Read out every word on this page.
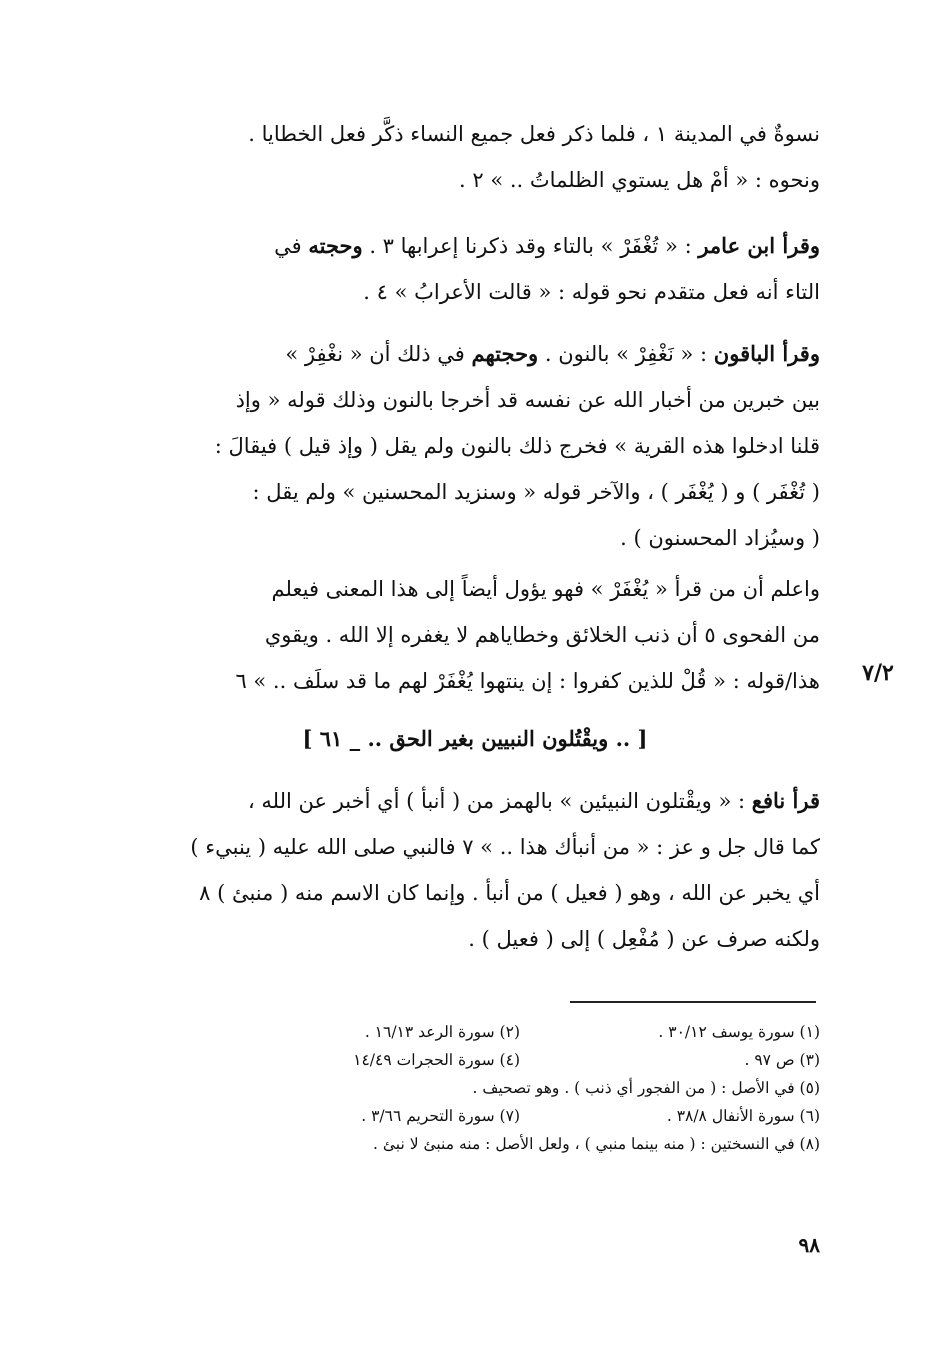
نسوةٌ في المدينة ١ ، فلما ذكر فعل جميع النساء ذكَّر فعل الخطايا .
ونحوه : « أمْ هل يستوي الظلماتُ .. » ٢ .
وقرأ ابن عامر : « تُغْفَرْ » بالتاء وقد ذكرنا إعرابها ٣ . وحجته في
التاء أنه فعل متقدم نحو قوله : « قالت الأعرابُ » ٤ .
وقرأ الباقون : « نَغْفِرْ » بالنون . وحجتهم في ذلك أن « نغْفِرْ »
بين خبرين من أخبار الله عن نفسه قد أخرجا بالنون وذلك قوله « وإذ
قلنا ادخلوا هذه القرية » فخرج ذلك بالنون ولم يقل ( وإذ قيل ) فيقالَ :
( تُغْفَر ) و ( يُغْفَر ) ، والآخر قوله « وسنزيد المحسنين » ولم يقل :
( وسيُزاد المحسنون ) .
واعلم أن من قرأ « يُغْفَرْ » فهو يؤول أيضاً إلى هذا المعنى فيعلم
من الفحوى ٥ أن ذنب الخلائق وخطاياهم لا يغفره إلا الله . ويقوي
هذا/قوله : « قُلْ للذين كفروا : إن ينتهوا يُغْفَرْ لهم ما قد سلَف .. » ٦	٧/٢
[ .. ويقْتُلون النبيين بغير الحق .. _ ٦١ ]
قرأ نافع : « ويقْتلون النبيئين » بالهمز من ( أنبأ ) أي أخبر عن الله ،
كما قال جل و عز : « من أنبأك هذا .. » ٧ فالنبي صلى الله عليه ( ينبيء )
أي يخبر عن الله ، وهو ( فعيل ) من أنبأ . وإنما كان الاسم منه ( منبئ ) ٨
ولكنه صرف عن ( مُفْعِل ) إلى ( فعيل ) .
(١) سورة يوسف ٣٠/١٢ .
(٢) سورة الرعد ١٦/١٣ .
(٣) ص ٩٧ .
(٤) سورة الحجرات ١٤/٤٩
(٥) في الأصل : ( من الفجور أي ذنب ) . وهو تصحيف .
(٦) سورة الأنفال ٣٨/٨ .
(٧) سورة التحريم ٣/٦٦ .
(٨) في النسختين : ( منه بينما منبي ) ، ولعل الأصل : منه منبئ لا نبئ .
٩٨
